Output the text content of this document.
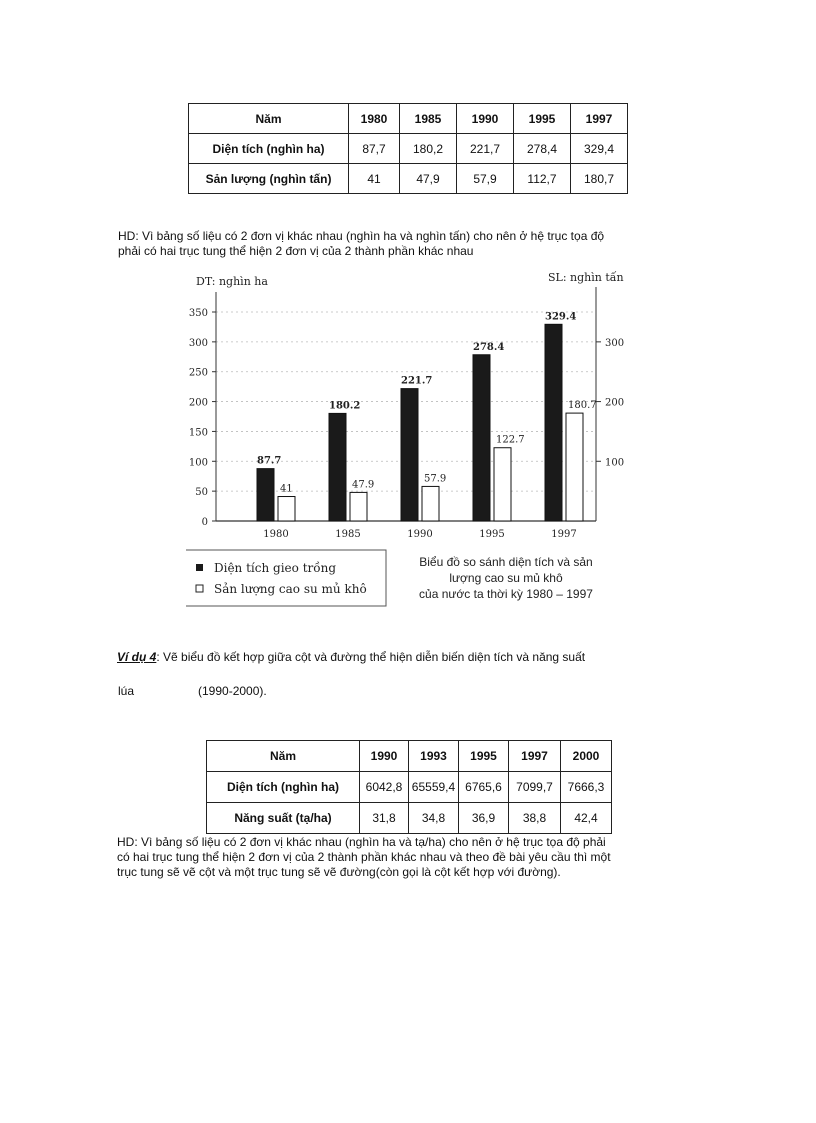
Năm	1980	1985	1990	1995	1997
Diện tích (nghìn ha)	87,7	180,2	221,7	278,4	329,4
Sản lượng (nghìn tấn)	41	47,9	57,9	112,7	180,7
HD: Vì bảng số liệu có 2 đơn vị khác nhau (nghìn ha và nghìn tấn) cho nên ở hệ trục tọa độ
phải có hai trục tung thể hiện 2 đơn vị của 2 thành phần khác nhau
DT: nghìn ha	SL: nghìn tấn
87.7
41
1980
180.2
47.9
1985
221.7
57.9
1990
278.4
122.7
1995
329.4
180.7
1997
0
50
100
150
200
250
300
350
100
200
300
Diện tích gieo trồng
Sản lượng cao su mủ khô
Biểu đồ so sánh diện tích và sản
lượng cao su mủ khô
của nước ta thời kỳ 1980 – 1997
Ví dụ 4: Vẽ biểu đồ kết hợp giữa cột và đường thể hiện diễn biến diện tích và năng suất
lúa	(1990-2000).
Năm	1990	1993	1995	1997	2000
Diện tích (nghìn ha)	6042,8	65559,4	6765,6	7099,7	7666,3
Năng suất (tạ/ha)	31,8	34,8	36,9	38,8	42,4
HD: Vì bảng số liệu có 2 đơn vị khác nhau (nghìn ha và tạ/ha) cho nên ở hệ trục tọa độ phải
có hai trục tung thể hiện 2 đơn vị của 2 thành phần khác nhau và theo đề bài yêu cầu thì một
trục tung sẽ vẽ cột và một trục tung sẽ vẽ đường(còn gọi là cột kết hợp với đường).
